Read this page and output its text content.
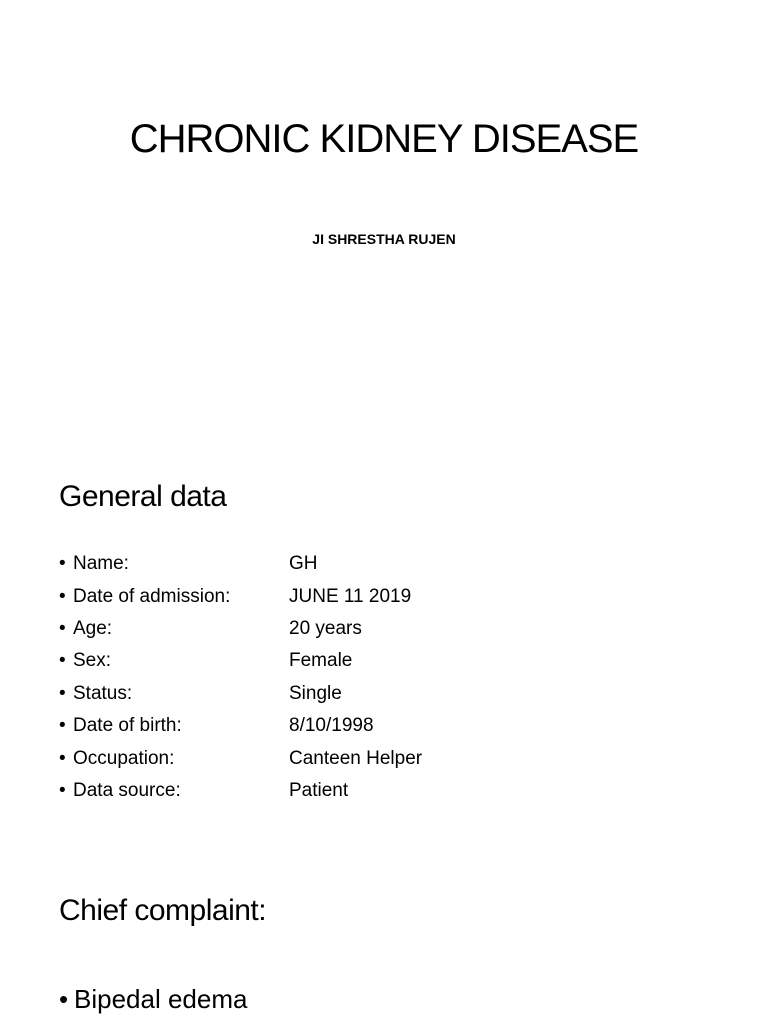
CHRONIC KIDNEY DISEASE

JI SHRESTHA RUJEN

General data
• Name:	GH
• Date of admission:	JUNE 11 2019
• Age:	20 years
• Sex:	Female
• Status:	Single
• Date of birth:	8/10/1998
• Occupation:	Canteen Helper
• Data source:	Patient
Chief complaint:
• Bipedal edema
